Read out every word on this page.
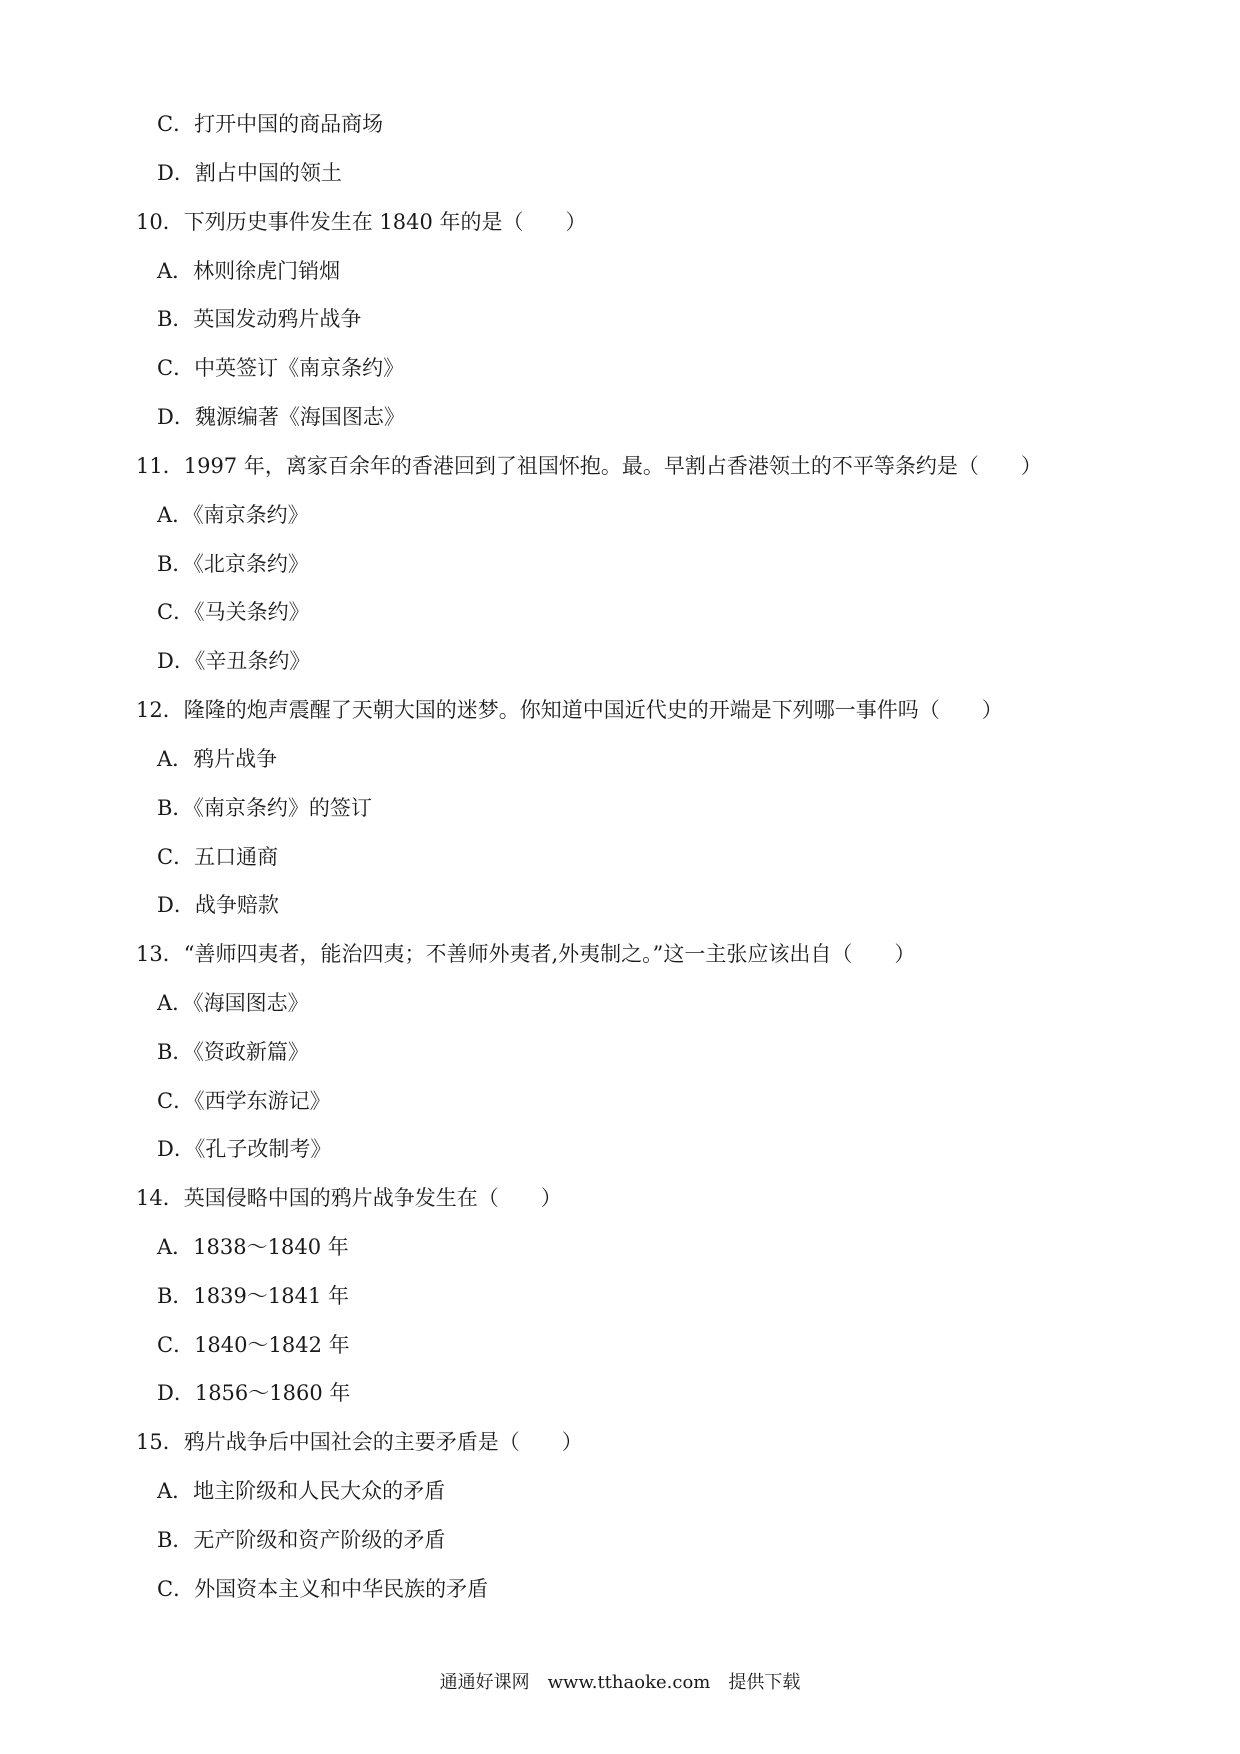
C．打开中国的商品商场
D．割占中国的领土
10．下列历史事件发生在 1840 年的是（　　）
A．林则徐虎门销烟
B．英国发动鸦片战争
C．中英签订《南京条约》
D．魏源编著《海国图志》
11．1997 年，离家百余年的香港回到了祖国怀抱。最。早割占香港领土的不平等条约是（　　）
A．《南京条约》
B．《北京条约》
C．《马关条约》
D．《辛丑条约》
12．隆隆的炮声震醒了天朝大国的迷梦。你知道中国近代史的开端是下列哪一事件吗（　　）
A．鸦片战争
B．《南京条约》的签订
C．五口通商
D．战争赔款
13．“善师四夷者，能治四夷；不善师外夷者,外夷制之。”这一主张应该出自（　　）
A．《海国图志》
B．《资政新篇》
C．《西学东游记》
D．《孔子改制考》
14．英国侵略中国的鸦片战争发生在（　　）
A．1838～1840 年
B．1839～1841 年
C．1840～1842 年
D．1856～1860 年
15．鸦片战争后中国社会的主要矛盾是（　　）
A．地主阶级和人民大众的矛盾
B．无产阶级和资产阶级的矛盾
C．外国资本主义和中华民族的矛盾
通通好课网　www.tthaoke.com　提供下载
